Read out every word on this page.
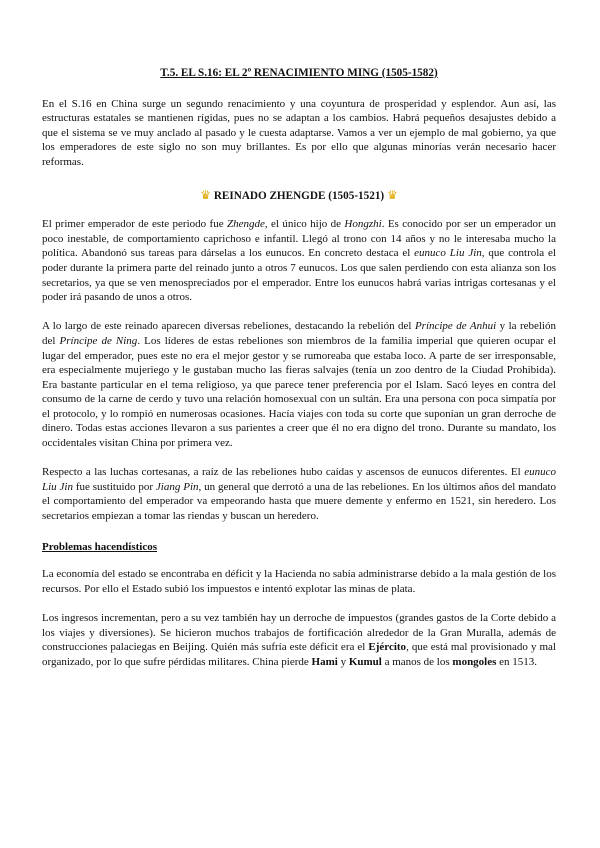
T.5. EL S.16: EL 2º RENACIMIENTO MING (1505-1582)

En el S.16 en China surge un segundo renacimiento y una coyuntura de prosperidad y esplendor. Aun así, las estructuras estatales se mantienen rígidas, pues no se adaptan a los cambios. Habrá pequeños desajustes debido a que el sistema se ve muy anclado al pasado y le cuesta adaptarse. Vamos a ver un ejemplo de mal gobierno, ya que los emperadores de este siglo no son muy brillantes. Es por ello que algunas minorías verán necesario hacer reformas.

♛ REINADO ZHENGDE (1505-1521) ♛

El primer emperador de este periodo fue Zhengde, el único hijo de Hongzhi. Es conocido por ser un emperador un poco inestable, de comportamiento caprichoso e infantil. Llegó al trono con 14 años y no le interesaba mucho la política. Abandonó sus tareas para dárselas a los eunucos. En concreto destaca el eunuco Liu Jin, que controla el poder durante la primera parte del reinado junto a otros 7 eunucos. Los que salen perdiendo con esta alianza son los secretarios, ya que se ven menospreciados por el emperador. Entre los eunucos habrá varias intrigas cortesanas y el poder irá pasando de unos a otros.

A lo largo de este reinado aparecen diversas rebeliones, destacando la rebelión del Príncipe de Anhui y la rebelión del Príncipe de Ning. Los líderes de estas rebeliones son miembros de la familia imperial que quieren ocupar el lugar del emperador, pues este no era el mejor gestor y se rumoreaba que estaba loco. A parte de ser irresponsable, era especialmente mujeriego y le gustaban mucho las fieras salvajes (tenía un zoo dentro de la Ciudad Prohibida). Era bastante particular en el tema religioso, ya que parece tener preferencia por el Islam. Sacó leyes en contra del consumo de la carne de cerdo y tuvo una relación homosexual con un sultán. Era una persona con poca simpatía por el protocolo, y lo rompió en numerosas ocasiones. Hacía viajes con toda su corte que suponían un gran derroche de dinero. Todas estas acciones llevaron a sus parientes a creer que él no era digno del trono. Durante su mandato, los occidentales visitan China por primera vez.

Respecto a las luchas cortesanas, a raíz de las rebeliones hubo caídas y ascensos de eunucos diferentes. El eunuco Liu Jin fue sustituido por Jiang Pin, un general que derrotó a una de las rebeliones. En los últimos años del mandato el comportamiento del emperador va empeorando hasta que muere demente y enfermo en 1521, sin heredero. Los secretarios empiezan a tomar las riendas y buscan un heredero.

Problemas hacendísticos

La economía del estado se encontraba en déficit y la Hacienda no sabía administrarse debido a la mala gestión de los recursos. Por ello el Estado subió los impuestos e intentó explotar las minas de plata.

Los ingresos incrementan, pero a su vez también hay un derroche de impuestos (grandes gastos de la Corte debido a los viajes y diversiones). Se hicieron muchos trabajos de fortificación alrededor de la Gran Muralla, además de construcciones palaciegas en Beijing. Quién más sufría este déficit era el Ejército, que está mal provisionado y mal organizado, por lo que sufre pérdidas militares. China pierde Hami y Kumul a manos de los mongoles en 1513.
